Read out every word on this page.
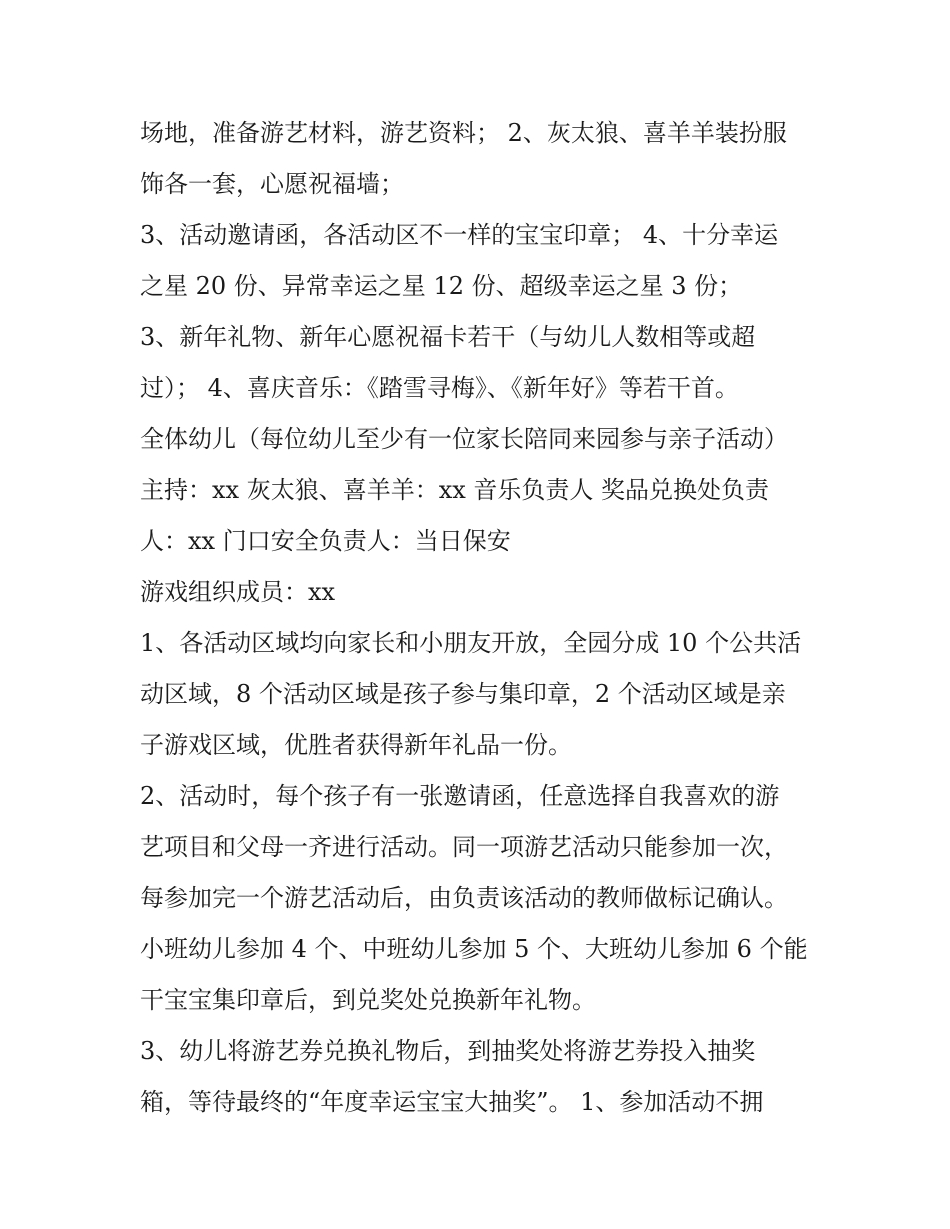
场地，准备游艺材料，游艺资料； 2、灰太狼、喜羊羊装扮服
饰各一套，心愿祝福墙；
3、活动邀请函，各活动区不一样的宝宝印章； 4、十分幸运
之星 20 份、异常幸运之星 12 份、超级幸运之星 3 份；
3、新年礼物、新年心愿祝福卡若干（与幼儿人数相等或超
过）； 4、喜庆音乐：《踏雪寻梅》、《新年好》等若干首。
全体幼儿（每位幼儿至少有一位家长陪同来园参与亲子活动）
主持：xx 灰太狼、喜羊羊：xx 音乐负责人 奖品兑换处负责
人：xx 门口安全负责人：当日保安
游戏组织成员：xx
1、各活动区域均向家长和小朋友开放，全园分成 10 个公共活
动区域，8 个活动区域是孩子参与集印章，2 个活动区域是亲
子游戏区域，优胜者获得新年礼品一份。
2、活动时，每个孩子有一张邀请函，任意选择自我喜欢的游
艺项目和父母一齐进行活动。同一项游艺活动只能参加一次，
每参加完一个游艺活动后，由负责该活动的教师做标记确认。
小班幼儿参加 4 个、中班幼儿参加 5 个、大班幼儿参加 6 个能
干宝宝集印章后，到兑奖处兑换新年礼物。
3、幼儿将游艺券兑换礼物后，到抽奖处将游艺券投入抽奖
箱，等待最终的“年度幸运宝宝大抽奖”。 1、参加活动不拥
